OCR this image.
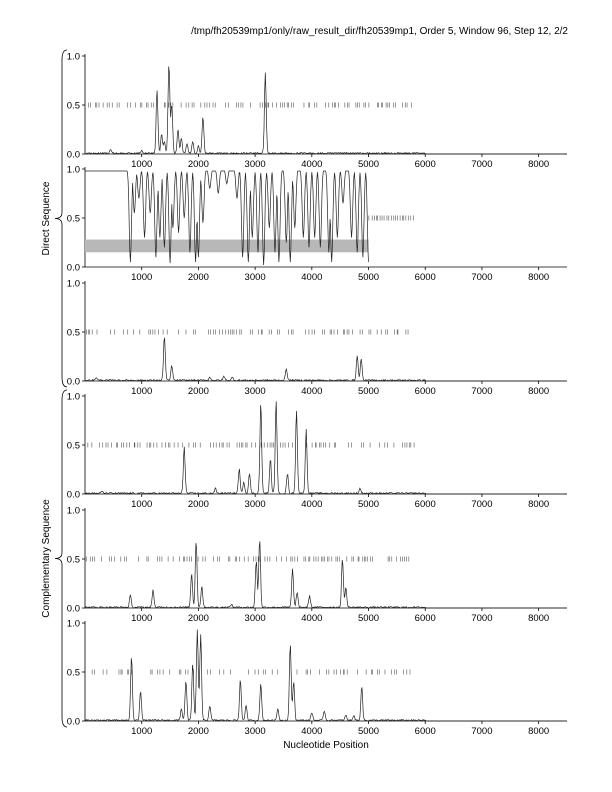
/tmp/fh20539mp1/only/raw_result_dir/fh20539mp1, Order 5, Window 96, Step 12, 2/2
0.0
0.5
1.0
1000	2000	3000	4000	5000	6000	7000	8000
0.0
0.5
1.0
1000	2000	3000	4000	5000	6000	7000	8000
0.0
0.5
1.0
1000	2000	3000	4000	5000	6000	7000	8000
0.0
0.5
1.0
1000	2000	3000	4000	5000	6000	7000	8000
0.0
0.5
1.0
1000	2000	3000	4000	5000	6000	7000	8000
0.0
0.5
1.0
1000	2000	3000	4000	5000	6000	7000	8000
Direct Sequence
Complementary Sequence
Nucleotide Position
